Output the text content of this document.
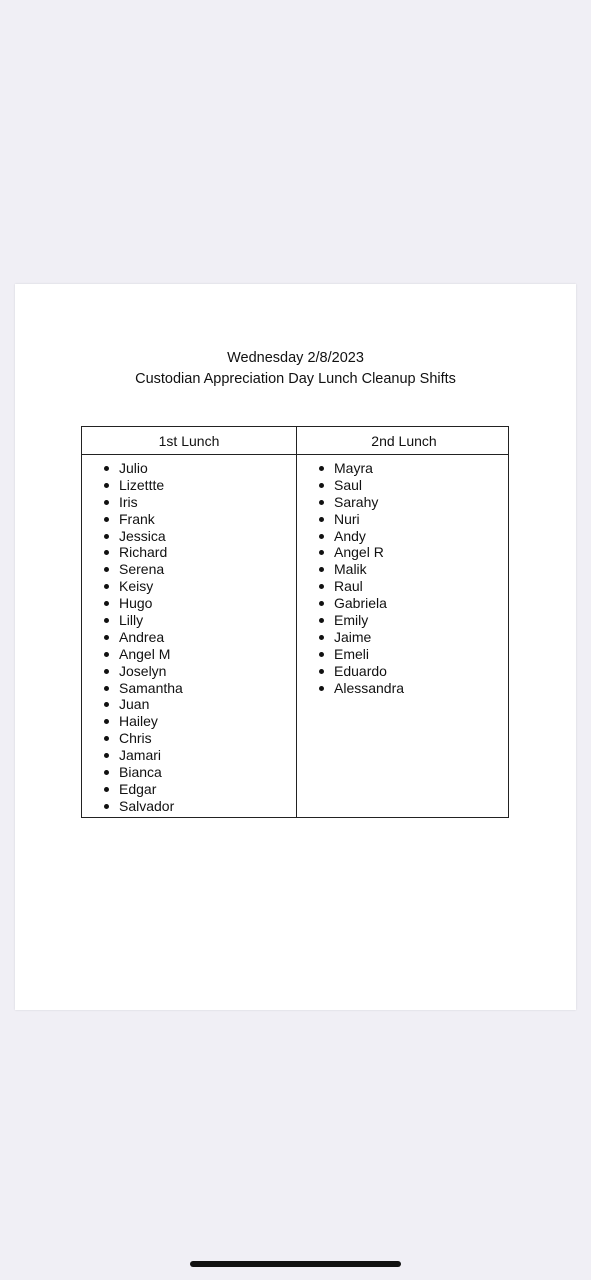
Wednesday 2/8/2023
Custodian Appreciation Day Lunch Cleanup Shifts
1st Lunch	2nd Lunch
Julio
Lizettte
Iris
Frank
Jessica
Richard
Serena
Keisy
Hugo
Lilly
Andrea
Angel M
Joselyn
Samantha
Juan
Hailey
Chris
Jamari
Bianca
Edgar
Salvador
Mayra
Saul
Sarahy
Nuri
Andy
Angel R
Malik
Raul
Gabriela
Emily
Jaime
Emeli
Eduardo
Alessandra
